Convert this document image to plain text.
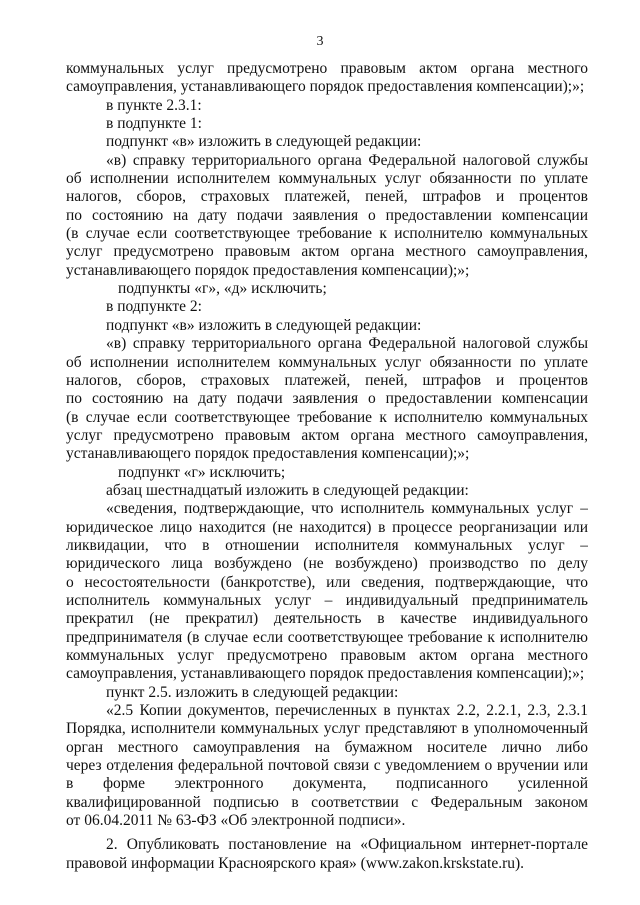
3
коммунальных услуг предусмотрено правовым актом органа местного
самоуправления, устанавливающего порядок предоставления компенсации);»;
в пункте 2.3.1:
в подпункте 1:
подпункт «в» изложить в следующей редакции:
«в) справку территориального органа Федеральной налоговой службы
об исполнении исполнителем коммунальных услуг обязанности по уплате
налогов, сборов, страховых платежей, пеней, штрафов и процентов
по состоянию на дату подачи заявления о предоставлении компенсации
(в случае если соответствующее требование к исполнителю коммунальных
услуг предусмотрено правовым актом органа местного самоуправления,
устанавливающего порядок предоставления компенсации);»;
подпункты «г», «д» исключить;
в подпункте 2:
подпункт «в» изложить в следующей редакции:
«в) справку территориального органа Федеральной налоговой службы
об исполнении исполнителем коммунальных услуг обязанности по уплате
налогов, сборов, страховых платежей, пеней, штрафов и процентов
по состоянию на дату подачи заявления о предоставлении компенсации
(в случае если соответствующее требование к исполнителю коммунальных
услуг предусмотрено правовым актом органа местного самоуправления,
устанавливающего порядок предоставления компенсации);»;
подпункт «г» исключить;
абзац шестнадцатый изложить в следующей редакции:
«сведения, подтверждающие, что исполнитель коммунальных услуг –
юридическое лицо находится (не находится) в процессе реорганизации или
ликвидации, что в отношении исполнителя коммунальных услуг –
юридического лица возбуждено (не возбуждено) производство по делу
о несостоятельности (банкротстве), или сведения, подтверждающие, что
исполнитель коммунальных услуг – индивидуальный предприниматель
прекратил (не прекратил) деятельность в качестве индивидуального
предпринимателя (в случае если соответствующее требование к исполнителю
коммунальных услуг предусмотрено правовым актом органа местного
самоуправления, устанавливающего порядок предоставления компенсации);»;
пункт 2.5. изложить в следующей редакции:
«2.5 Копии документов, перечисленных в пунктах 2.2, 2.2.1, 2.3, 2.3.1
Порядка, исполнители коммунальных услуг представляют в уполномоченный
орган местного самоуправления на бумажном носителе лично либо
через отделения федеральной почтовой связи с уведомлением о вручении или
в форме электронного документа, подписанного усиленной
квалифицированной подписью в соответствии с Федеральным законом
от 06.04.2011 № 63-ФЗ «Об электронной подписи».
2. Опубликовать постановление на «Официальном интернет-портале
правовой информации Красноярского края» (www.zakon.krskstate.ru).
